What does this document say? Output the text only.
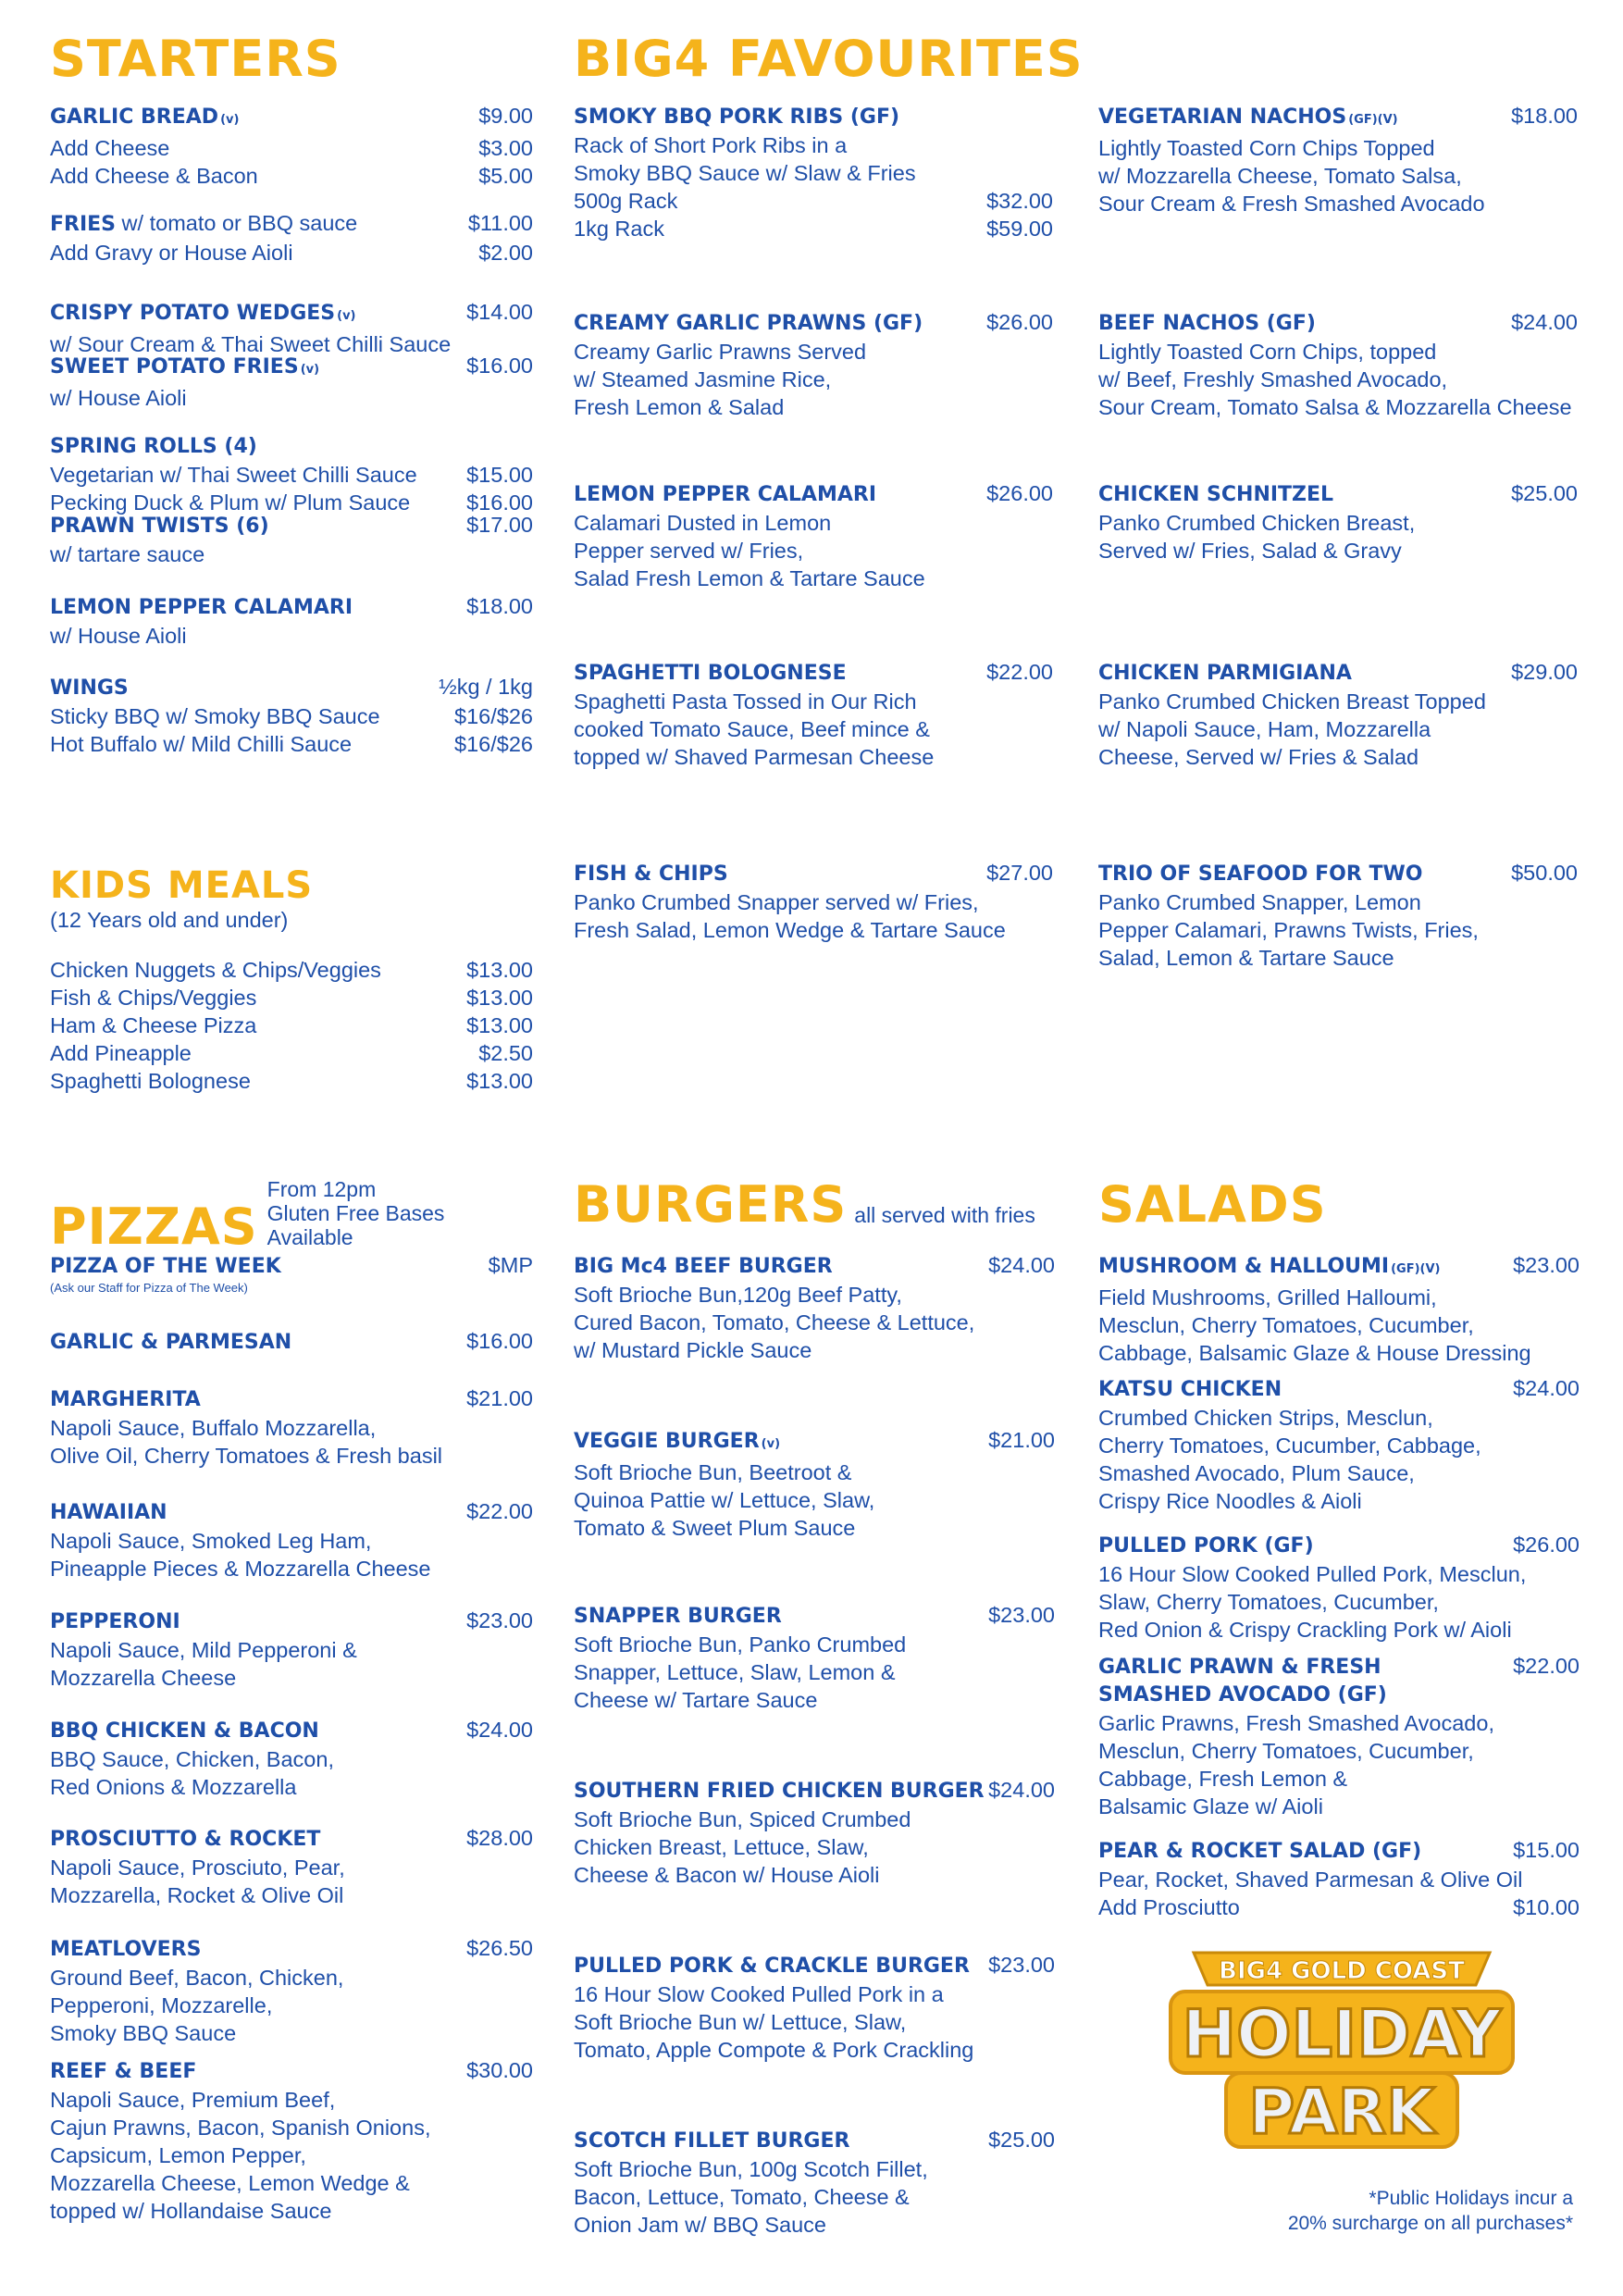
STARTERS
GARLIC BREAD (v)	$9.00
Add Cheese	$3.00
Add Cheese & Bacon	$5.00
FRIES w/ tomato or BBQ sauce	$11.00
Add Gravy or House Aioli	$2.00
CRISPY POTATO WEDGES (v)	$14.00
w/ Sour Cream & Thai Sweet Chilli Sauce
SWEET POTATO FRIES (v)	$16.00
w/ House Aioli
SPRING ROLLS (4)
Vegetarian w/ Thai Sweet Chilli Sauce $15.00
Pecking Duck & Plum w/ Plum Sauce	$16.00
PRAWN TWISTS (6)	$17.00
w/ tartare sauce
LEMON PEPPER CALAMARI	$18.00
w/ House Aioli
WINGS	½kg / 1kg
Sticky BBQ w/ Smoky BBQ Sauce	$16/$26
Hot Buffalo w/ Mild Chilli Sauce	$16/$26
KIDS MEALS
(12 Years old and under)
Chicken Nuggets & Chips/Veggies	$13.00
Fish & Chips/Veggies	$13.00
Ham & Cheese Pizza	$13.00
Add Pineapple	$2.50
Spaghetti Bolognese	$13.00
BIG4 FAVOURITES
SMOKY BBQ PORK RIBS (GF)
Rack of Short Pork Ribs in a
Smoky BBQ Sauce w/ Slaw & Fries
500g Rack	$32.00
1kg Rack	$59.00
CREAMY GARLIC PRAWNS (GF)	$26.00
Creamy Garlic Prawns Served
w/ Steamed Jasmine Rice,
Fresh Lemon & Salad
LEMON PEPPER CALAMARI	$26.00
Calamari Dusted in Lemon
Pepper served w/ Fries,
Salad Fresh Lemon & Tartare Sauce
SPAGHETTI BOLOGNESE	$22.00
Spaghetti Pasta Tossed in Our Rich
cooked Tomato Sauce, Beef mince &
topped w/ Shaved Parmesan Cheese
FISH & CHIPS	$27.00
Panko Crumbed Snapper served w/ Fries,
Fresh Salad, Lemon Wedge & Tartare Sauce
VEGETARIAN NACHOS (GF)(V)	$18.00
Lightly Toasted Corn Chips Topped
w/ Mozzarella Cheese, Tomato Salsa,
Sour Cream & Fresh Smashed Avocado
BEEF NACHOS (GF)	$24.00
Lightly Toasted Corn Chips, topped
w/ Beef, Freshly Smashed Avocado,
Sour Cream, Tomato Salsa & Mozzarella Cheese
CHICKEN SCHNITZEL	$25.00
Panko Crumbed Chicken Breast,
Served w/ Fries, Salad & Gravy
CHICKEN PARMIGIANA	$29.00
Panko Crumbed Chicken Breast Topped
w/ Napoli Sauce, Ham, Mozzarella
Cheese, Served w/ Fries & Salad
TRIO OF SEAFOOD FOR TWO	$50.00
Panko Crumbed Snapper, Lemon
Pepper Calamari, Prawns Twists, Fries,
Salad, Lemon & Tartare Sauce
PIZZAS
From 12pm
Gluten Free Bases Available
PIZZA OF THE WEEK	$MP
(Ask our Staff for Pizza of The Week)
GARLIC & PARMESAN	$16.00
MARGHERITA	$21.00
Napoli Sauce, Buffalo Mozzarella,
Olive Oil, Cherry Tomatoes & Fresh basil
HAWAIIAN	$22.00
Napoli Sauce, Smoked Leg Ham,
Pineapple Pieces & Mozzarella Cheese
PEPPERONI	$23.00
Napoli Sauce, Mild Pepperoni &
Mozzarella Cheese
BBQ CHICKEN & BACON	$24.00
BBQ Sauce, Chicken, Bacon,
Red Onions & Mozzarella
PROSCIUTTO & ROCKET	$28.00
Napoli Sauce, Prosciuto, Pear,
Mozzarella, Rocket & Olive Oil
MEATLOVERS	$26.50
Ground Beef, Bacon, Chicken,
Pepperoni, Mozzarelle,
Smoky BBQ Sauce
REEF & BEEF	$30.00
Napoli Sauce, Premium Beef,
Cajun Prawns, Bacon, Spanish Onions,
Capsicum, Lemon Pepper,
Mozzarella Cheese, Lemon Wedge &
topped w/ Hollandaise Sauce
BURGERS all served with fries
BIG Mc4 BEEF BURGER	$24.00
Soft Brioche Bun,120g Beef Patty,
Cured Bacon, Tomato, Cheese & Lettuce,
w/ Mustard Pickle Sauce
VEGGIE BURGER (v)	$21.00
Soft Brioche Bun, Beetroot &
Quinoa Pattie w/ Lettuce, Slaw,
Tomato & Sweet Plum Sauce
SNAPPER BURGER	$23.00
Soft Brioche Bun, Panko Crumbed
Snapper, Lettuce, Slaw, Lemon &
Cheese w/ Tartare Sauce
SOUTHERN FRIED CHICKEN BURGER $24.00
Soft Brioche Bun, Spiced Crumbed
Chicken Breast, Lettuce, Slaw,
Cheese & Bacon w/ House Aioli
PULLED PORK & CRACKLE BURGER $23.00
16 Hour Slow Cooked Pulled Pork in a
Soft Brioche Bun w/ Lettuce, Slaw,
Tomato, Apple Compote & Pork Crackling
SCOTCH FILLET BURGER	$25.00
Soft Brioche Bun, 100g Scotch Fillet,
Bacon, Lettuce, Tomato, Cheese &
Onion Jam w/ BBQ Sauce
SALADS
MUSHROOM & HALLOUMI (GF)(V)	$23.00
Field Mushrooms, Grilled Halloumi,
Mesclun, Cherry Tomatoes, Cucumber,
Cabbage, Balsamic Glaze & House Dressing
KATSU CHICKEN	$24.00
Crumbed Chicken Strips, Mesclun,
Cherry Tomatoes, Cucumber, Cabbage,
Smashed Avocado, Plum Sauce,
Crispy Rice Noodles & Aioli
PULLED PORK (GF)	$26.00
16 Hour Slow Cooked Pulled Pork, Mesclun,
Slaw, Cherry Tomatoes, Cucumber,
Red Onion & Crispy Crackling Pork w/ Aioli
GARLIC PRAWN & FRESH	$22.00
SMASHED AVOCADO (GF)
Garlic Prawns, Fresh Smashed Avocado,
Mesclun, Cherry Tomatoes, Cucumber,
Cabbage, Fresh Lemon &
Balsamic Glaze w/ Aioli
PEAR & ROCKET SALAD (GF)	$15.00
Pear, Rocket, Shaved Parmesan & Olive Oil
Add Prosciutto	$10.00
BIG4 GOLD COAST
HOLIDAY
PARK
*Public Holidays incur a
20% surcharge on all purchases*
